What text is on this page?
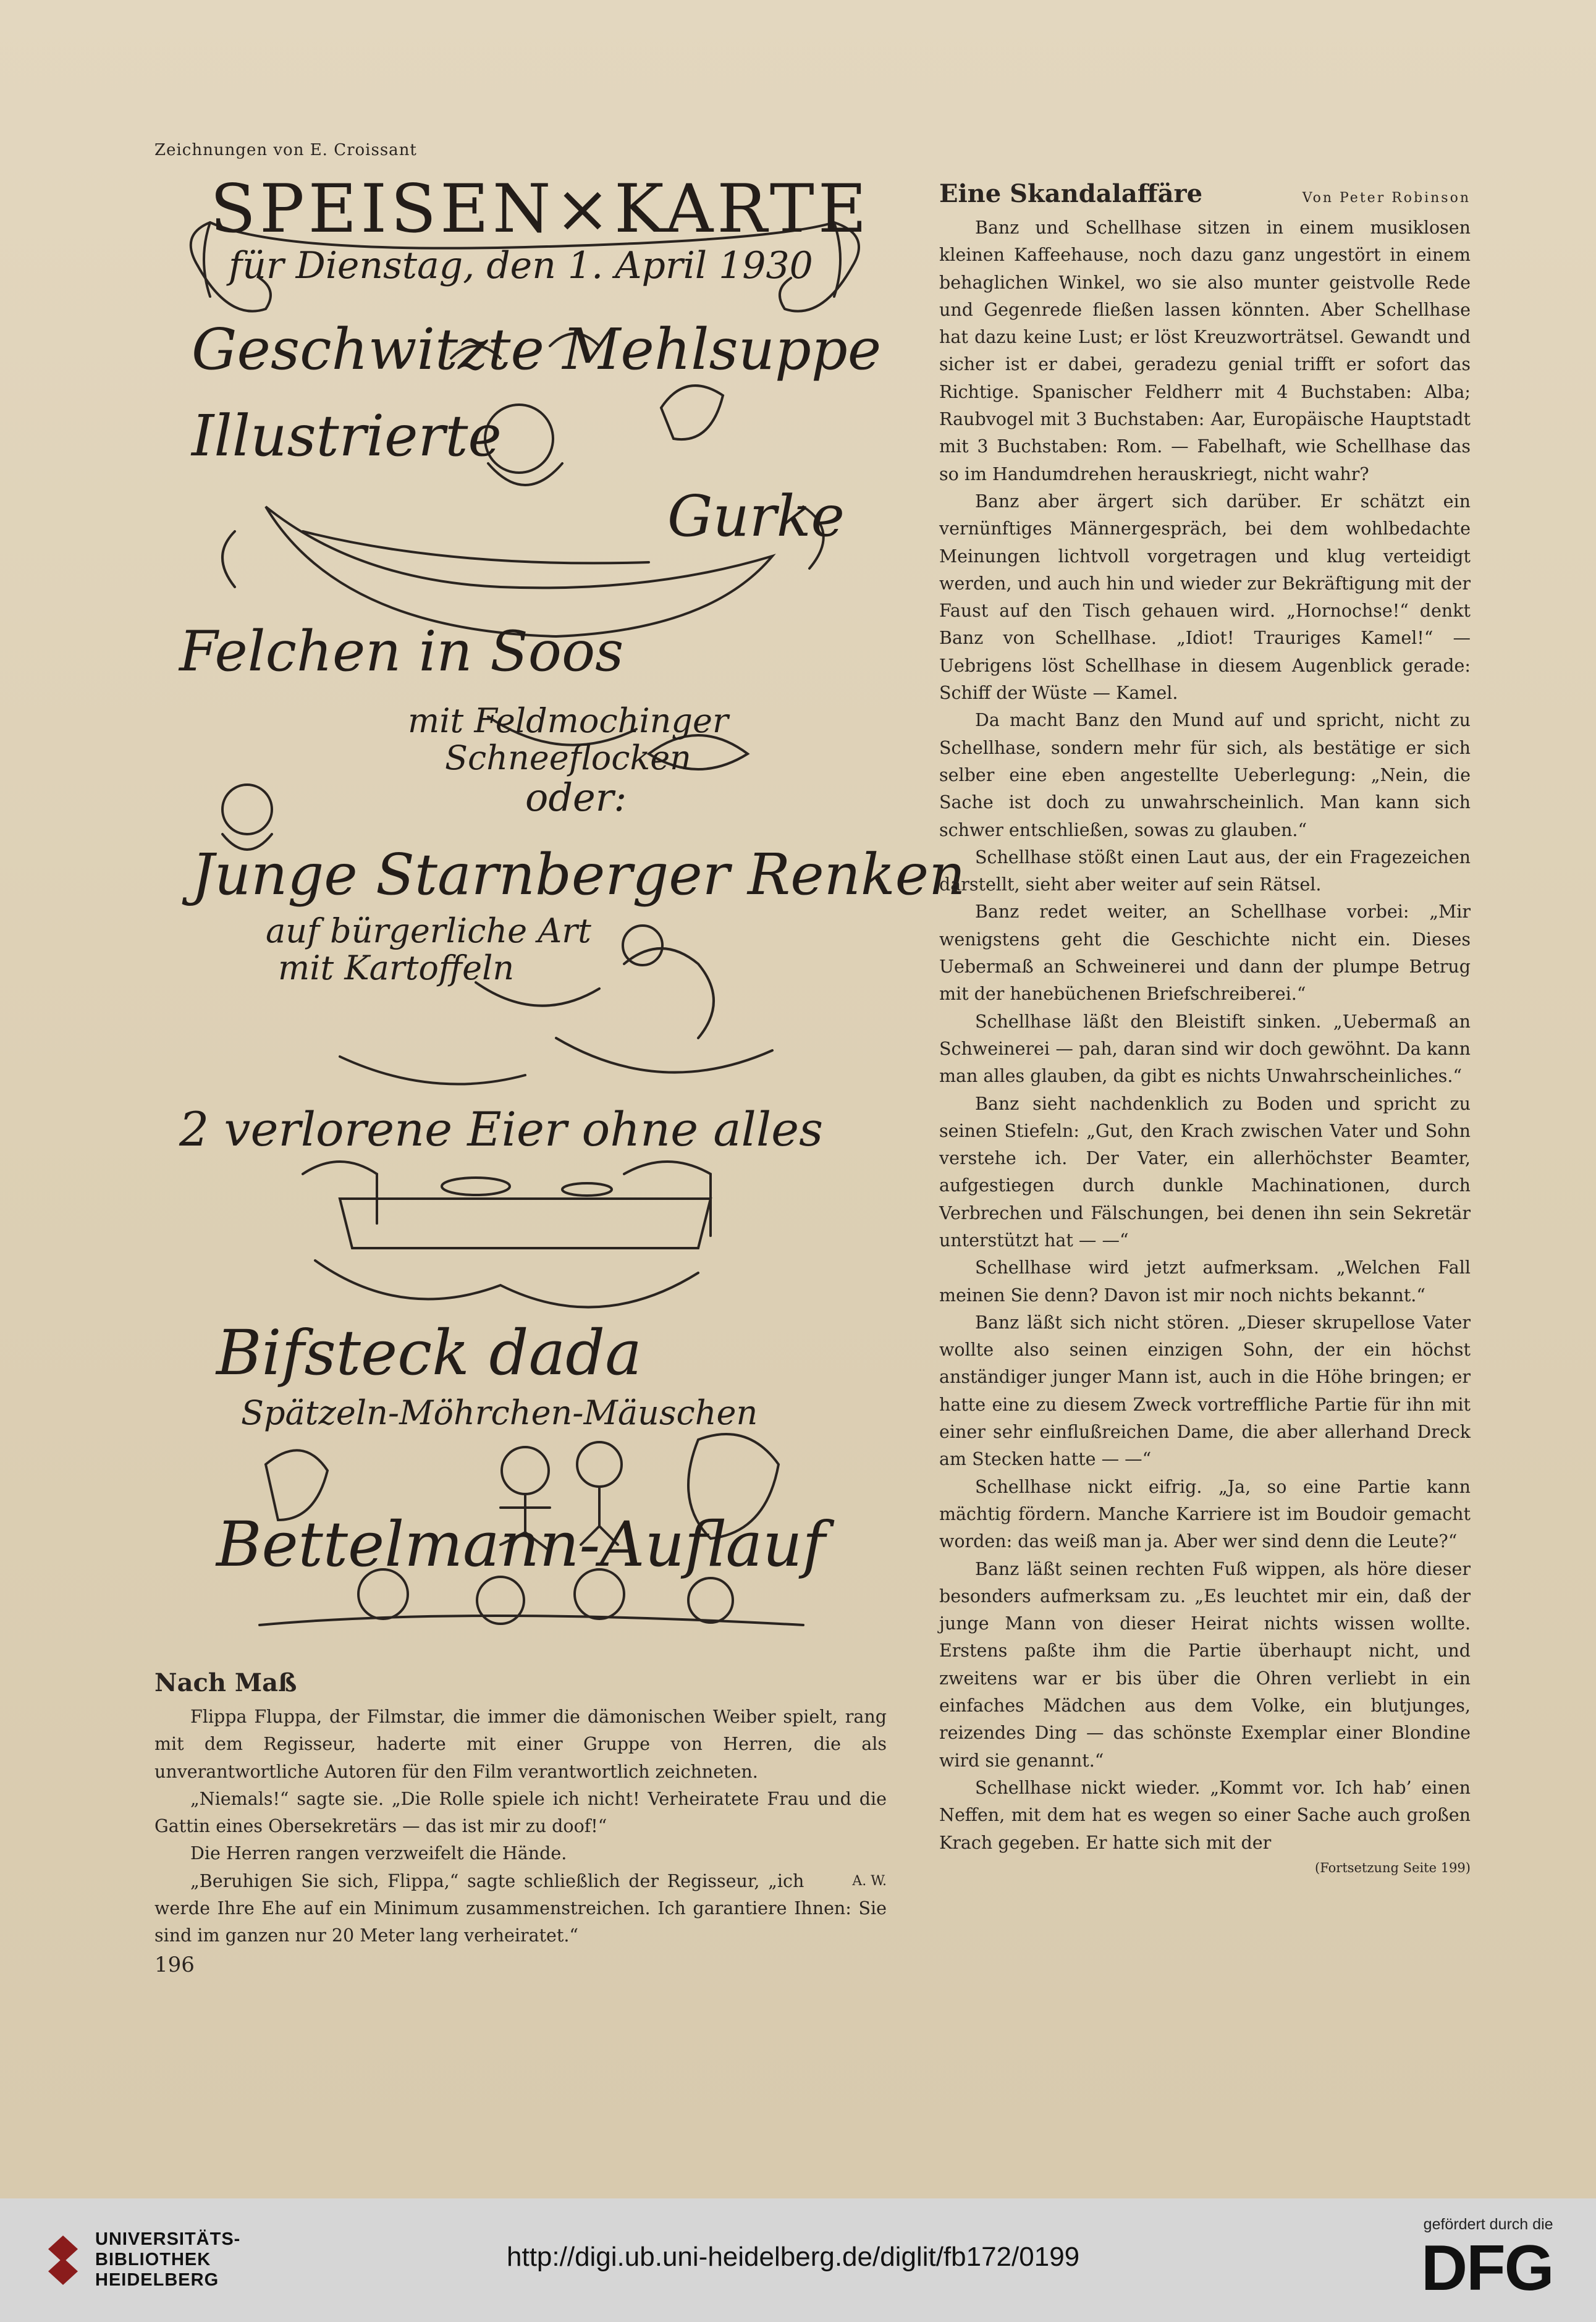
Zeichnungen von E. Croissant
SPEISEN×KARTE
für Dienstag, den 1. April 1930
Geschwitzte Mehlsuppe
Illustrierte
Gurke
Felchen in Soos
mit Feldmochinger
Schneeflocken
oder:
Junge Starnberger Renken
auf bürgerliche Art
mit Kartoffeln
2 verlorene Eier ohne alles
Bifsteck dada
Spätzeln-Möhrchen-Mäuschen
Bettelmann-Auflauf
Nach Maß

Flippa Fluppa, der Filmstar, die immer die dämonischen Weiber spielt, rang mit dem Regisseur, haderte mit einer Gruppe von Herren, die als unverantwortliche Autoren für den Film verantwortlich zeichneten.

„Niemals!“ sagte sie. „Die Rolle spiele ich nicht! Verheiratete Frau und die Gattin eines Obersekretärs — das ist mir zu doof!“

Die Herren rangen verzweifelt die Hände.

A. W.
„Beruhigen Sie sich, Flippa,“ sagte schließlich der Regisseur, „ich werde Ihre Ehe auf ein Minimum zusammenstreichen. Ich garantiere Ihnen: Sie sind im ganzen nur 20 Meter lang verheiratet.“

196
Eine Skandalaffäre	Von Peter Robinson

Banz und Schellhase sitzen in einem musiklosen kleinen Kaffeehause, noch dazu ganz ungestört in einem behaglichen Winkel, wo sie also munter geistvolle Rede und Gegenrede fließen lassen könnten. Aber Schellhase hat dazu keine Lust; er löst Kreuzworträtsel. Gewandt und sicher ist er dabei, geradezu genial trifft er sofort das Richtige. Spanischer Feldherr mit 4 Buchstaben: Alba; Raubvogel mit 3 Buchstaben: Aar, Europäische Hauptstadt mit 3 Buchstaben: Rom. — Fabelhaft, wie Schellhase das so im Handumdrehen herauskriegt, nicht wahr?

Banz aber ärgert sich darüber. Er schätzt ein vernünftiges Männergespräch, bei dem wohlbedachte Meinungen lichtvoll vorgetragen und klug verteidigt werden, und auch hin und wieder zur Bekräftigung mit der Faust auf den Tisch gehauen wird. „Hornochse!“ denkt Banz von Schellhase. „Idiot! Trauriges Kamel!“ — Uebrigens löst Schellhase in diesem Augenblick gerade: Schiff der Wüste — Kamel.

Da macht Banz den Mund auf und spricht, nicht zu Schellhase, sondern mehr für sich, als bestätige er sich selber eine eben angestellte Ueberlegung: „Nein, die Sache ist doch zu unwahrscheinlich. Man kann sich schwer entschließen, sowas zu glauben.“

Schellhase stößt einen Laut aus, der ein Fragezeichen darstellt, sieht aber weiter auf sein Rätsel.

Banz redet weiter, an Schellhase vorbei: „Mir wenigstens geht die Geschichte nicht ein. Dieses Uebermaß an Schweinerei und dann der plumpe Betrug mit der hanebüchenen Briefschreiberei.“

Schellhase läßt den Bleistift sinken. „Uebermaß an Schweinerei — pah, daran sind wir doch gewöhnt. Da kann man alles glauben, da gibt es nichts Unwahrscheinliches.“

Banz sieht nachdenklich zu Boden und spricht zu seinen Stiefeln: „Gut, den Krach zwischen Vater und Sohn verstehe ich. Der Vater, ein allerhöchster Beamter, aufgestiegen durch dunkle Machinationen, durch Verbrechen und Fälschungen, bei denen ihn sein Sekretär unterstützt hat — —“

Schellhase wird jetzt aufmerksam. „Welchen Fall meinen Sie denn? Davon ist mir noch nichts bekannt.“

Banz läßt sich nicht stören. „Dieser skrupellose Vater wollte also seinen einzigen Sohn, der ein höchst anständiger junger Mann ist, auch in die Höhe bringen; er hatte eine zu diesem Zweck vortreffliche Partie für ihn mit einer sehr einflußreichen Dame, die aber allerhand Dreck am Stecken hatte — —“

Schellhase nickt eifrig. „Ja, so eine Partie kann mächtig fördern. Manche Karriere ist im Boudoir gemacht worden: das weiß man ja. Aber wer sind denn die Leute?“

Banz läßt seinen rechten Fuß wippen, als höre dieser besonders aufmerksam zu. „Es leuchtet mir ein, daß der junge Mann von dieser Heirat nichts wissen wollte. Erstens paßte ihm die Partie überhaupt nicht, und zweitens war er bis über die Ohren verliebt in ein einfaches Mädchen aus dem Volke, ein blutjunges, reizendes Ding — das schönste Exemplar einer Blondine wird sie genannt.“

Schellhase nickt wieder. „Kommt vor. Ich hab’ einen Neffen, mit dem hat es wegen so einer Sache auch großen Krach gegeben. Er hatte sich mit der

(Fortsetzung Seite 199)
UNIVERSITÄTS-
BIBLIOTHEK
HEIDELBERG
http://digi.ub.uni-heidelberg.de/diglit/fb172/0199
gefördert durch die
DFG
